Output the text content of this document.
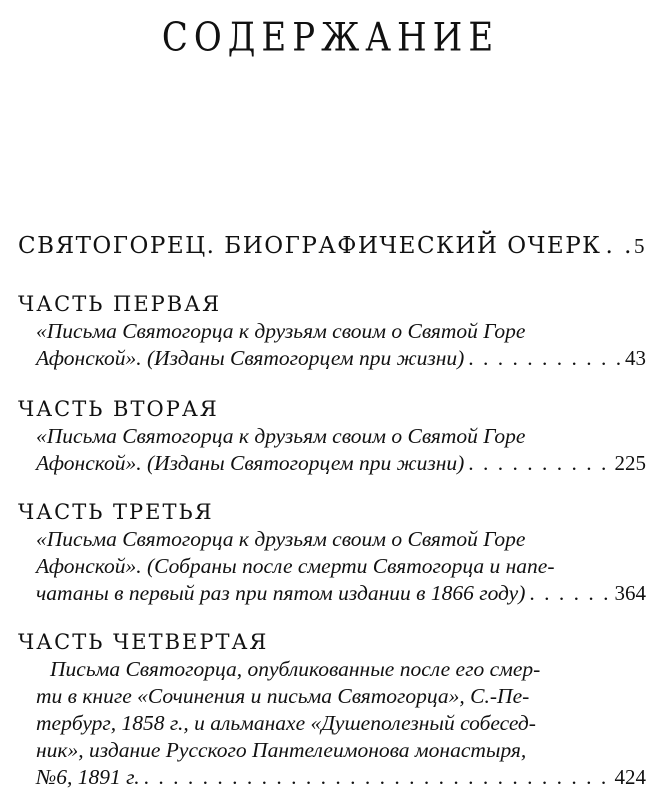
СОДЕРЖАНИЕ
СВЯТОГОРЕЦ. БИОГРАФИЧЕСКИЙ ОЧЕРК . . . 5
ЧАСТЬ ПЕРВАЯ
«Письма Святогорца к друзьям своим о Святой Горе
Афонской». (Изданы Святогорцем при жизни) . . .	43
ЧАСТЬ ВТОРАЯ
«Письма Святогорца к друзьям своим о Святой Горе
Афонской». (Изданы Святогорцем при жизни) . . .	225
ЧАСТЬ ТРЕТЬЯ
«Письма Святогорца к друзьям своим о Святой Горе
Афонской». (Собраны после смерти Святогорца и напе-
чатаны в первый раз при пятом издании в 1866 году) . . .	364
ЧАСТЬ ЧЕТВЕРТАЯ
Письма Святогорца, опубликованные после его смер-
ти в книге «Сочинения и письма Святогорца», С.-Пе-
тербург, 1858 г., и альманахе «Душеполезный собесед-
ник», издание Русского Пантелеимонова монастыря,
№6, 1891 г. . . .	424
